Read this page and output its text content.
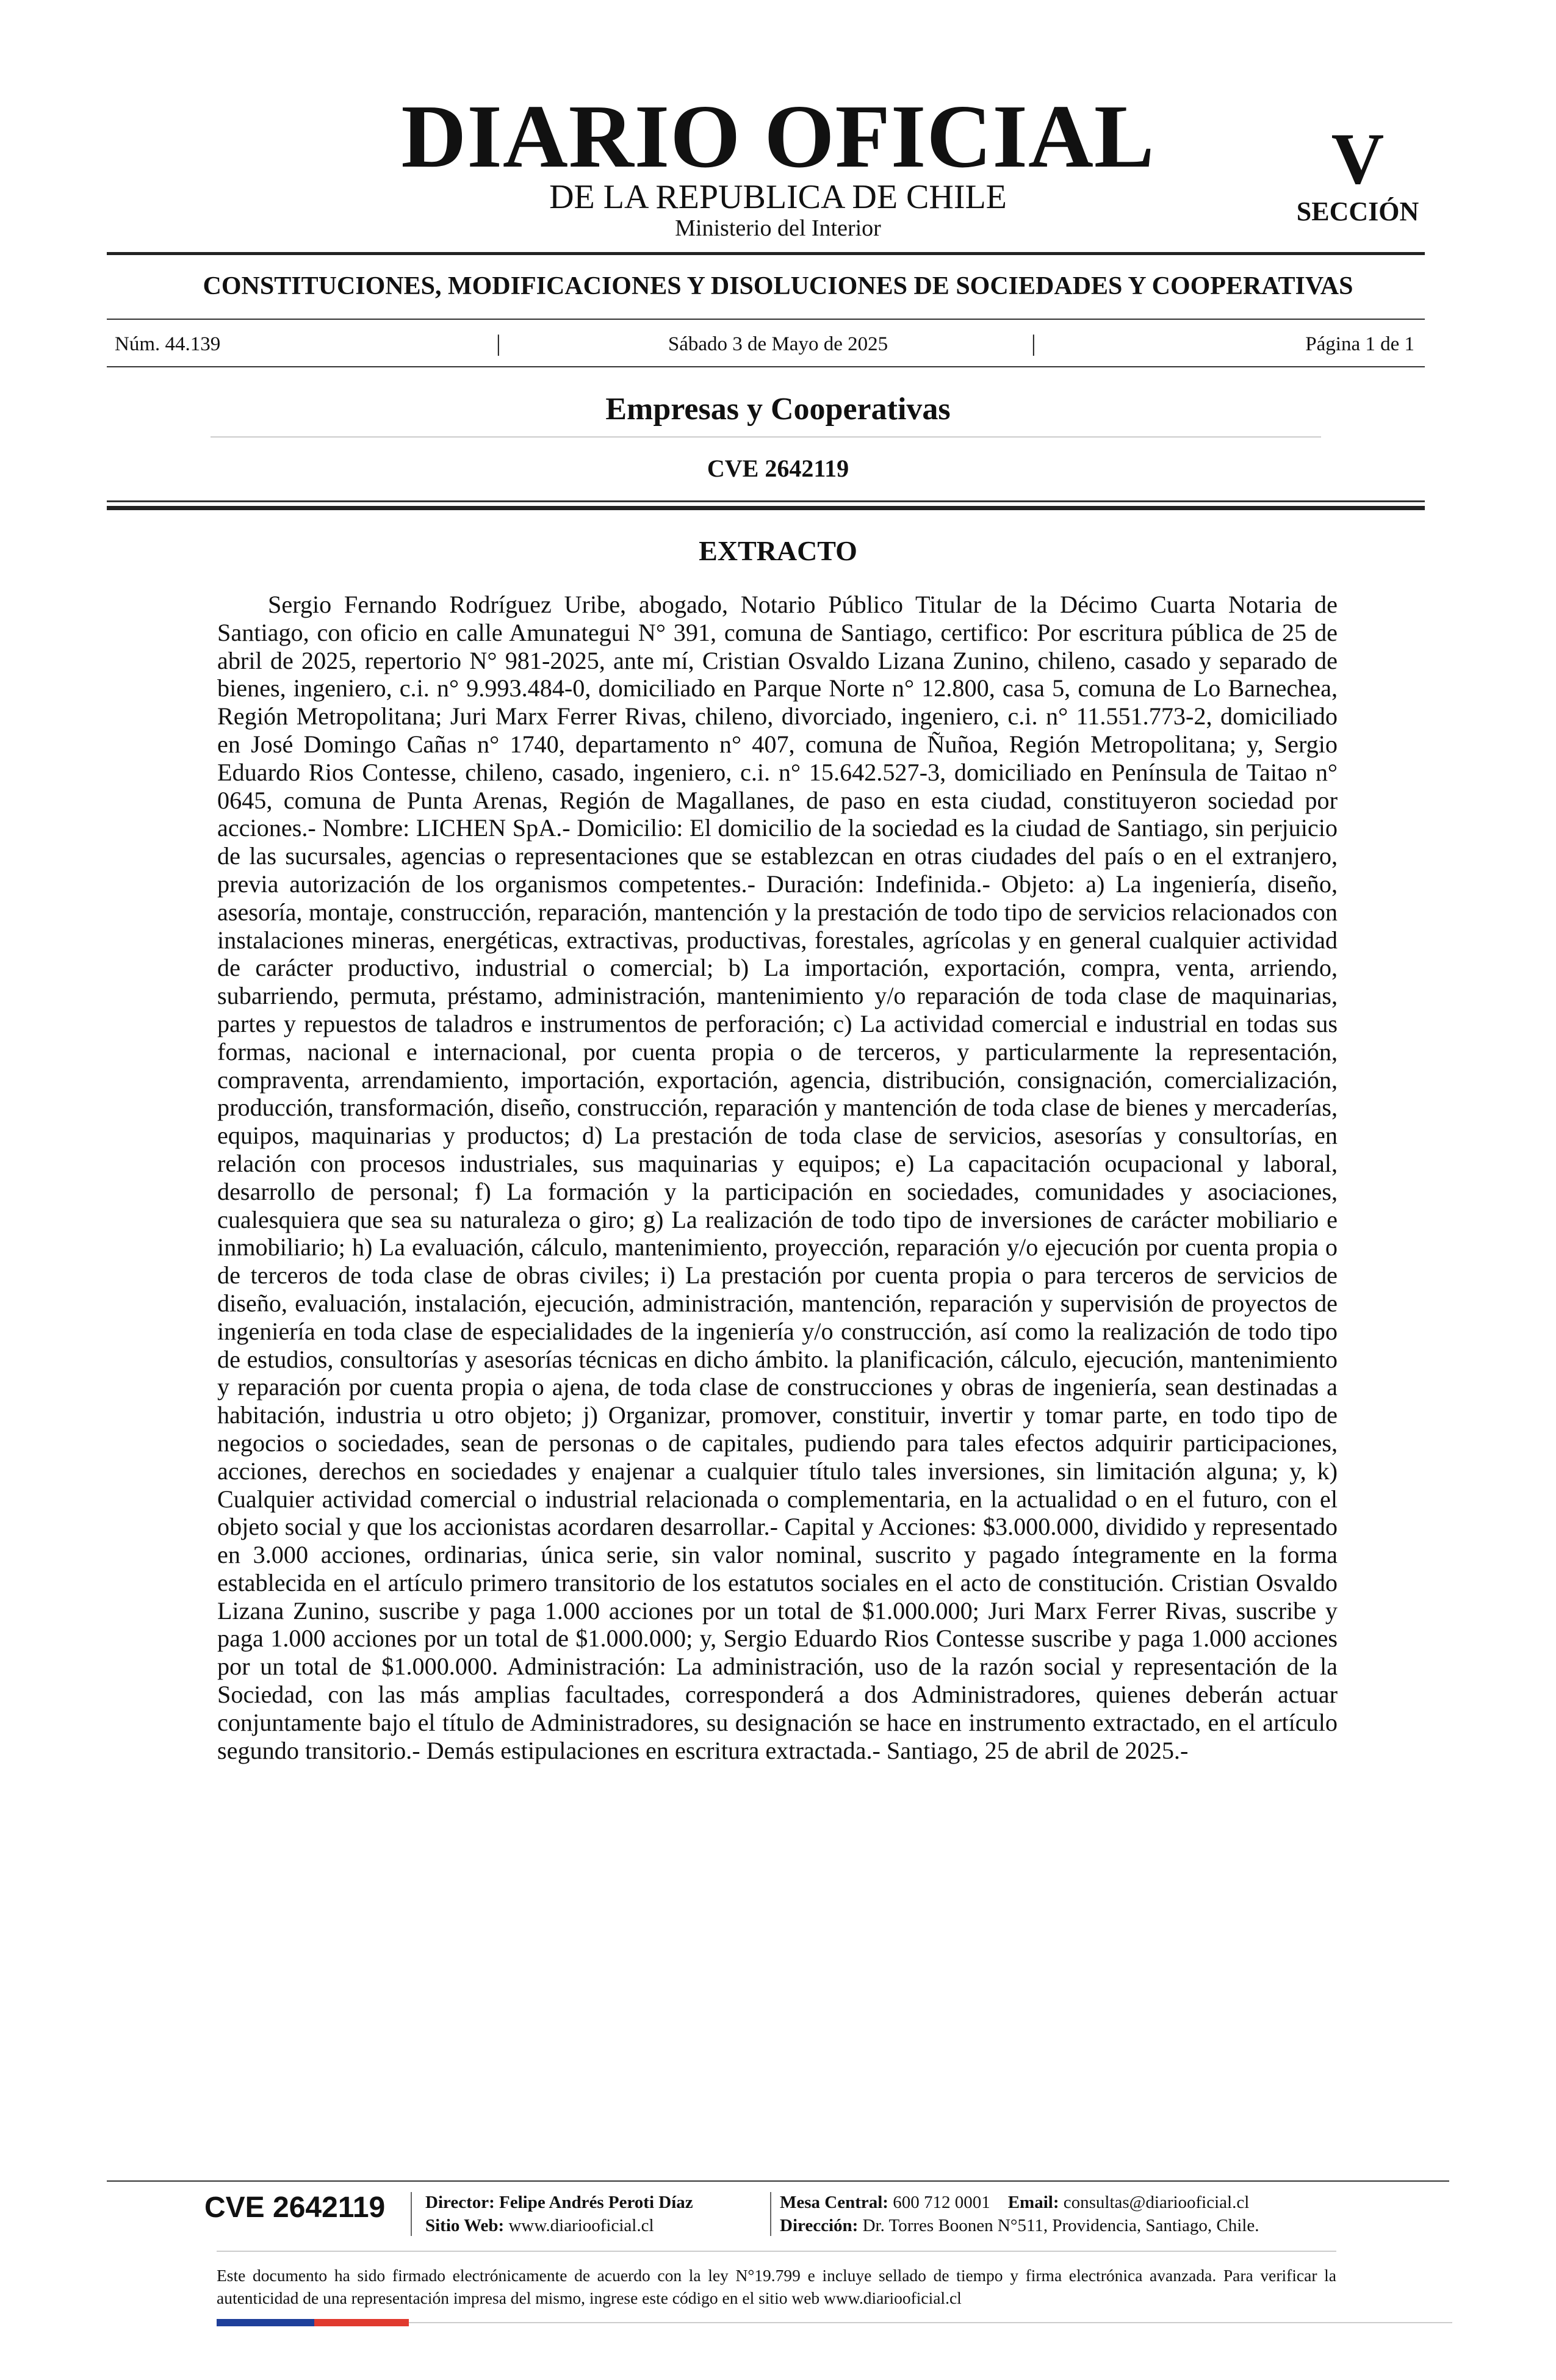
DIARIO OFICIAL
DE LA REPUBLICA DE CHILE
Ministerio del Interior
V
SECCIÓN
CONSTITUCIONES, MODIFICACIONES Y DISOLUCIONES DE SOCIEDADES Y COOPERATIVAS
Núm. 44.139	|	Sábado 3 de Mayo de 2025	|	Página 1 de 1
Empresas y Cooperativas
CVE 2642119
EXTRACTO

Sergio Fernando Rodríguez Uribe, abogado, Notario Público Titular de la Décimo Cuarta Notaria de Santiago, con oficio en calle Amunategui N° 391, comuna de Santiago, certifico: Por escritura pública de 25 de abril de 2025, repertorio N° 981-2025, ante mí, Cristian Osvaldo Lizana Zunino, chileno, casado y separado de bienes, ingeniero, c.i. n° 9.993.484-0, domiciliado en Parque Norte n° 12.800, casa 5, comuna de Lo Barnechea, Región Metropolitana; Juri Marx Ferrer Rivas, chileno, divorciado, ingeniero, c.i. n° 11.551.773-2, domiciliado en José Domingo Cañas n° 1740, departamento n° 407, comuna de Ñuñoa, Región Metropolitana; y, Sergio Eduardo Rios Contesse, chileno, casado, ingeniero, c.i. n° 15.642.527-3, domiciliado en Península de Taitao n° 0645, comuna de Punta Arenas, Región de Magallanes, de paso en esta ciudad, constituyeron sociedad por acciones.- Nombre: LICHEN SpA.- Domicilio: El domicilio de la sociedad es la ciudad de Santiago, sin perjuicio de las sucursales, agencias o representaciones que se establezcan en otras ciudades del país o en el extranjero, previa autorización de los organismos competentes.- Duración: Indefinida.- Objeto: a) La ingeniería, diseño, asesoría, montaje, construcción, reparación, mantención y la prestación de todo tipo de servicios relacionados con instalaciones mineras, energéticas, extractivas, productivas, forestales, agrícolas y en general cualquier actividad de carácter productivo, industrial o comercial; b) La importación, exportación, compra, venta, arriendo, subarriendo, permuta, préstamo, administración, mantenimiento y/o reparación de toda clase de maquinarias, partes y repuestos de taladros e instrumentos de perforación; c) La actividad comercial e industrial en todas sus formas, nacional e internacional, por cuenta propia o de terceros, y particularmente la representación, compraventa, arrendamiento, importación, exportación, agencia, distribución, consignación, comercialización, producción, transformación, diseño, construcción, reparación y mantención de toda clase de bienes y mercaderías, equipos, maquinarias y productos; d) La prestación de toda clase de servicios, asesorías y consultorías, en relación con procesos industriales, sus maquinarias y equipos; e) La capacitación ocupacional y laboral, desarrollo de personal; f) La formación y la participación en sociedades, comunidades y asociaciones, cualesquiera que sea su naturaleza o giro; g) La realización de todo tipo de inversiones de carácter mobiliario e inmobiliario; h) La evaluación, cálculo, mantenimiento, proyección, reparación y/o ejecución por cuenta propia o de terceros de toda clase de obras civiles; i) La prestación por cuenta propia o para terceros de servicios de diseño, evaluación, instalación, ejecución, administración, mantención, reparación y supervisión de proyectos de ingeniería en toda clase de especialidades de la ingeniería y/o construcción, así como la realización de todo tipo de estudios, consultorías y asesorías técnicas en dicho ámbito. la planificación, cálculo, ejecución, mantenimiento y reparación por cuenta propia o ajena, de toda clase de construcciones y obras de ingeniería, sean destinadas a habitación, industria u otro objeto; j) Organizar, promover, constituir, invertir y tomar parte, en todo tipo de negocios o sociedades, sean de personas o de capitales, pudiendo para tales efectos adquirir participaciones, acciones, derechos en sociedades y enajenar a cualquier título tales inversiones, sin limitación alguna; y, k) Cualquier actividad comercial o industrial relacionada o complementaria, en la actualidad o en el futuro, con el objeto social y que los accionistas acordaren desarrollar.- Capital y Acciones: $3.000.000, dividido y representado en 3.000 acciones, ordinarias, única serie, sin valor nominal, suscrito y pagado íntegramente en la forma establecida en el artículo primero transitorio de los estatutos sociales en el acto de constitución. Cristian Osvaldo Lizana Zunino, suscribe y paga 1.000 acciones por un total de $1.000.000; Juri Marx Ferrer Rivas, suscribe y paga 1.000 acciones por un total de $1.000.000; y, Sergio Eduardo Rios Contesse suscribe y paga 1.000 acciones por un total de $1.000.000. Administración: La administración, uso de la razón social y representación de la Sociedad, con las más amplias facultades, corresponderá a dos Administradores, quienes deberán actuar conjuntamente bajo el título de Administradores, su designación se hace en instrumento extractado, en el artículo segundo transitorio.- Demás estipulaciones en escritura extractada.- Santiago, 25 de abril de 2025.-

CVE 2642119 Director: Felipe Andrés Peroti Díaz
Sitio Web: www.diariooficial.cl
Mesa Central: 600 712 0001 Email: consultas@diariooficial.cl
Dirección: Dr. Torres Boonen N°511, Providencia, Santiago, Chile.

Este documento ha sido firmado electrónicamente de acuerdo con la ley N°19.799 e incluye sellado de tiempo y firma electrónica avanzada. Para verificar la autenticidad de una representación impresa del mismo, ingrese este código en el sitio web www.diariooficial.cl
